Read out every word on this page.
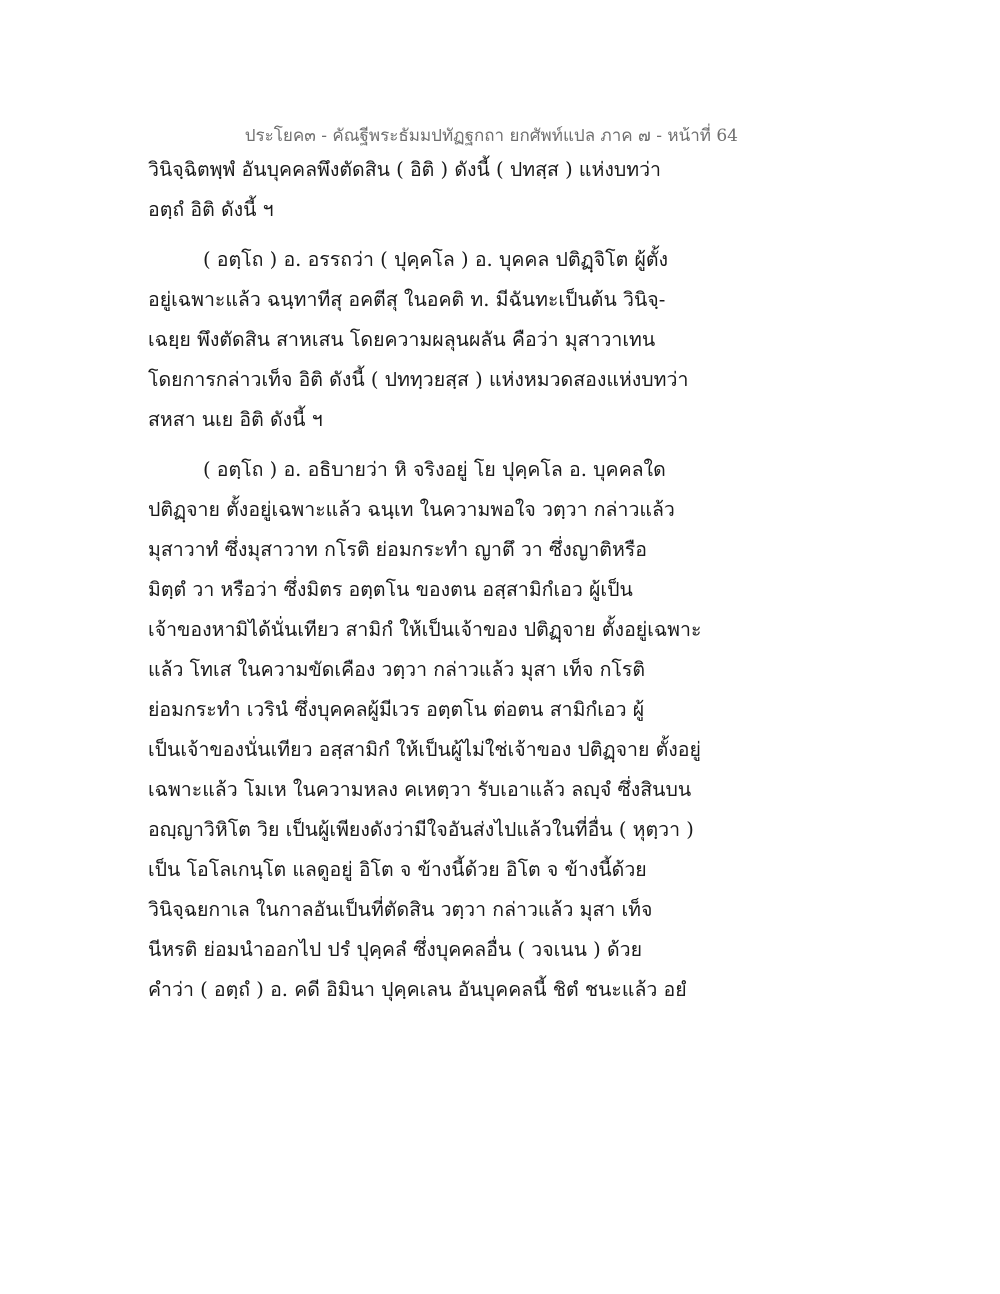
ประโยค๓ - คัณฐีพระธัมมปทัฏฐกถา ยกศัพท์แปล ภาค ๗ - หน้าที่ 64
วินิจฺฉิตพฺพํ อันบุคคลพึงตัดสิน ( อิติ ) ดังนี้ ( ปทสฺส ) แห่งบทว่า
อตฺถํ อิติ ดังนี้ ฯ
( อตฺโถ ) อ. อรรถว่า ( ปุคฺคโล ) อ. บุคคล ปติฏฺจิโต ผู้ตั้ง
อยู่เฉพาะแล้ว ฉนฺทาทีสุ อคตีสุ ในอคติ ท. มีฉันทะเป็นต้น วินิจฺ-
เฉยฺย พึงตัดสิน สาหเสน โดยความผลุนผลัน คือว่า มุสาวาเทน
โดยการกล่าวเท็จ อิติ ดังนี้ ( ปททฺวยสฺส ) แห่งหมวดสองแห่งบทว่า
สหสา นเย อิติ ดังนี้ ฯ
( อตฺโถ ) อ. อธิบายว่า หิ จริงอยู่ โย ปุคฺคโล อ. บุคคลใด
ปติฏฺจาย ตั้งอยู่เฉพาะแล้ว ฉนฺเท ในความพอใจ วตฺวา กล่าวแล้ว
มุสาวาทํ ซึ่งมุสาวาท กโรติ ย่อมกระทำ ญาตึ วา ซึ่งญาติหรือ
มิตฺตํ วา หรือว่า ซึ่งมิตร อตฺตโน ของตน อสฺสามิกํเอว ผู้เป็น
เจ้าของหามิได้นั่นเทียว สามิกํ ให้เป็นเจ้าของ ปติฏฺจาย ตั้งอยู่เฉพาะ
แล้ว โทเส ในความขัดเคือง วตฺวา กล่าวแล้ว มุสา เท็จ กโรติ
ย่อมกระทำ เวรินํ ซึ่งบุคคลผู้มีเวร อตฺตโน ต่อตน สามิกํเอว ผู้
เป็นเจ้าของนั่นเทียว อสฺสามิกํ ให้เป็นผู้ไม่ใช่เจ้าของ ปติฏฺจาย ตั้งอยู่
เฉพาะแล้ว โมเห ในความหลง คเหตฺวา รับเอาแล้ว ลญฺจํ ซึ่งสินบน
อญฺญาวิหิโต วิย เป็นผู้เพียงดังว่ามีใจอันส่งไปแล้วในที่อื่น ( หุตฺวา )
เป็น โอโลเกนฺโต แลดูอยู่ อิโต จ ข้างนี้ด้วย อิโต จ ข้างนี้ด้วย
วินิจฺฉยกาเล ในกาลอันเป็นที่ตัดสิน วตฺวา กล่าวแล้ว มุสา เท็จ
นีหรติ ย่อมนำออกไป ปรํ ปุคฺคลํ ซึ่งบุคคลอื่น ( วจเนน ) ด้วย
คำว่า ( อตฺถํ ) อ. คดี อิมินา ปุคฺคเลน อันบุคคลนี้ ชิตํ ชนะแล้ว อยํ
